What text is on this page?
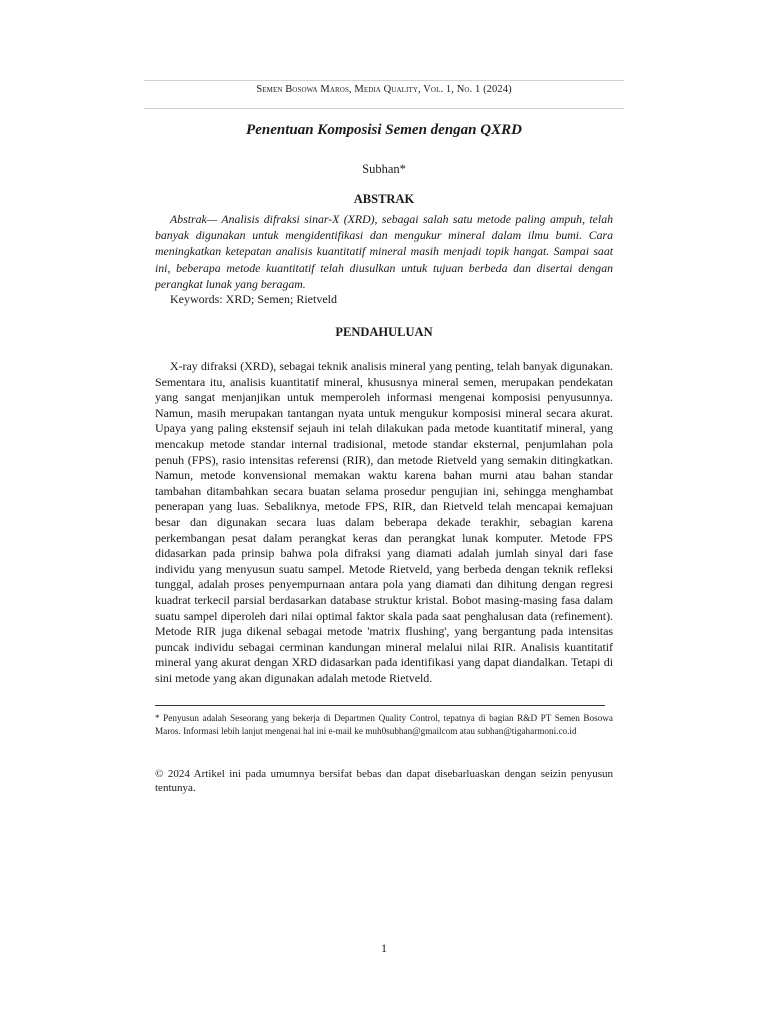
Semen Bosowa Maros, Media Quality, Vol. 1, No. 1 (2024)
Penentuan Komposisi Semen dengan QXRD
Subhan*
ABSTRAK
Abstrak— Analisis difraksi sinar-X (XRD), sebagai salah satu metode paling ampuh, telah banyak digunakan untuk mengidentifikasi dan mengukur mineral dalam ilmu bumi. Cara meningkatkan ketepatan analisis kuantitatif mineral masih menjadi topik hangat. Sampai saat ini, beberapa metode kuantitatif telah diusulkan untuk tujuan berbeda dan disertai dengan perangkat lunak yang beragam.
Keywords: XRD; Semen; Rietveld
PENDAHULUAN
X-ray difraksi (XRD), sebagai teknik analisis mineral yang penting, telah banyak digunakan. Sementara itu, analisis kuantitatif mineral, khususnya mineral semen, merupakan pendekatan yang sangat menjanjikan untuk memperoleh informasi mengenai komposisi penyusunnya. Namun, masih merupakan tantangan nyata untuk mengukur komposisi mineral secara akurat. Upaya yang paling ekstensif sejauh ini telah dilakukan pada metode kuantitatif mineral, yang mencakup metode standar internal tradisional, metode standar eksternal, penjumlahan pola penuh (FPS), rasio intensitas referensi (RIR), dan metode Rietveld yang semakin ditingkatkan. Namun, metode konvensional memakan waktu karena bahan murni atau bahan standar tambahan ditambahkan secara buatan selama prosedur pengujian ini, sehingga menghambat penerapan yang luas. Sebaliknya, metode FPS, RIR, dan Rietveld telah mencapai kemajuan besar dan digunakan secara luas dalam beberapa dekade terakhir, sebagian karena perkembangan pesat dalam perangkat keras dan perangkat lunak komputer. Metode FPS didasarkan pada prinsip bahwa pola difraksi yang diamati adalah jumlah sinyal dari fase individu yang menyusun suatu sampel. Metode Rietveld, yang berbeda dengan teknik refleksi tunggal, adalah proses penyempurnaan antara pola yang diamati dan dihitung dengan regresi kuadrat terkecil parsial berdasarkan database struktur kristal. Bobot masing-masing fasa dalam suatu sampel diperoleh dari nilai optimal faktor skala pada saat penghalusan data (refinement). Metode RIR juga dikenal sebagai metode 'matrix flushing', yang bergantung pada intensitas puncak individu sebagai cerminan kandungan mineral melalui nilai RIR. Analisis kuantitatif mineral yang akurat dengan XRD didasarkan pada identifikasi yang dapat diandalkan. Tetapi di sini metode yang akan digunakan adalah metode Rietveld.
* Penyusun adalah Seseorang yang bekerja di Departmen Quality Control, tepatnya di bagian R&D PT Semen Bosowa Maros. Informasi lebih lanjut mengenai hal ini e-mail ke muh0subhan@gmailcom atau subhan@tigaharmoni.co.id
© 2024 Artikel ini pada umumnya bersifat bebas dan dapat disebarluaskan dengan seizin penyusun tentunya.
1
